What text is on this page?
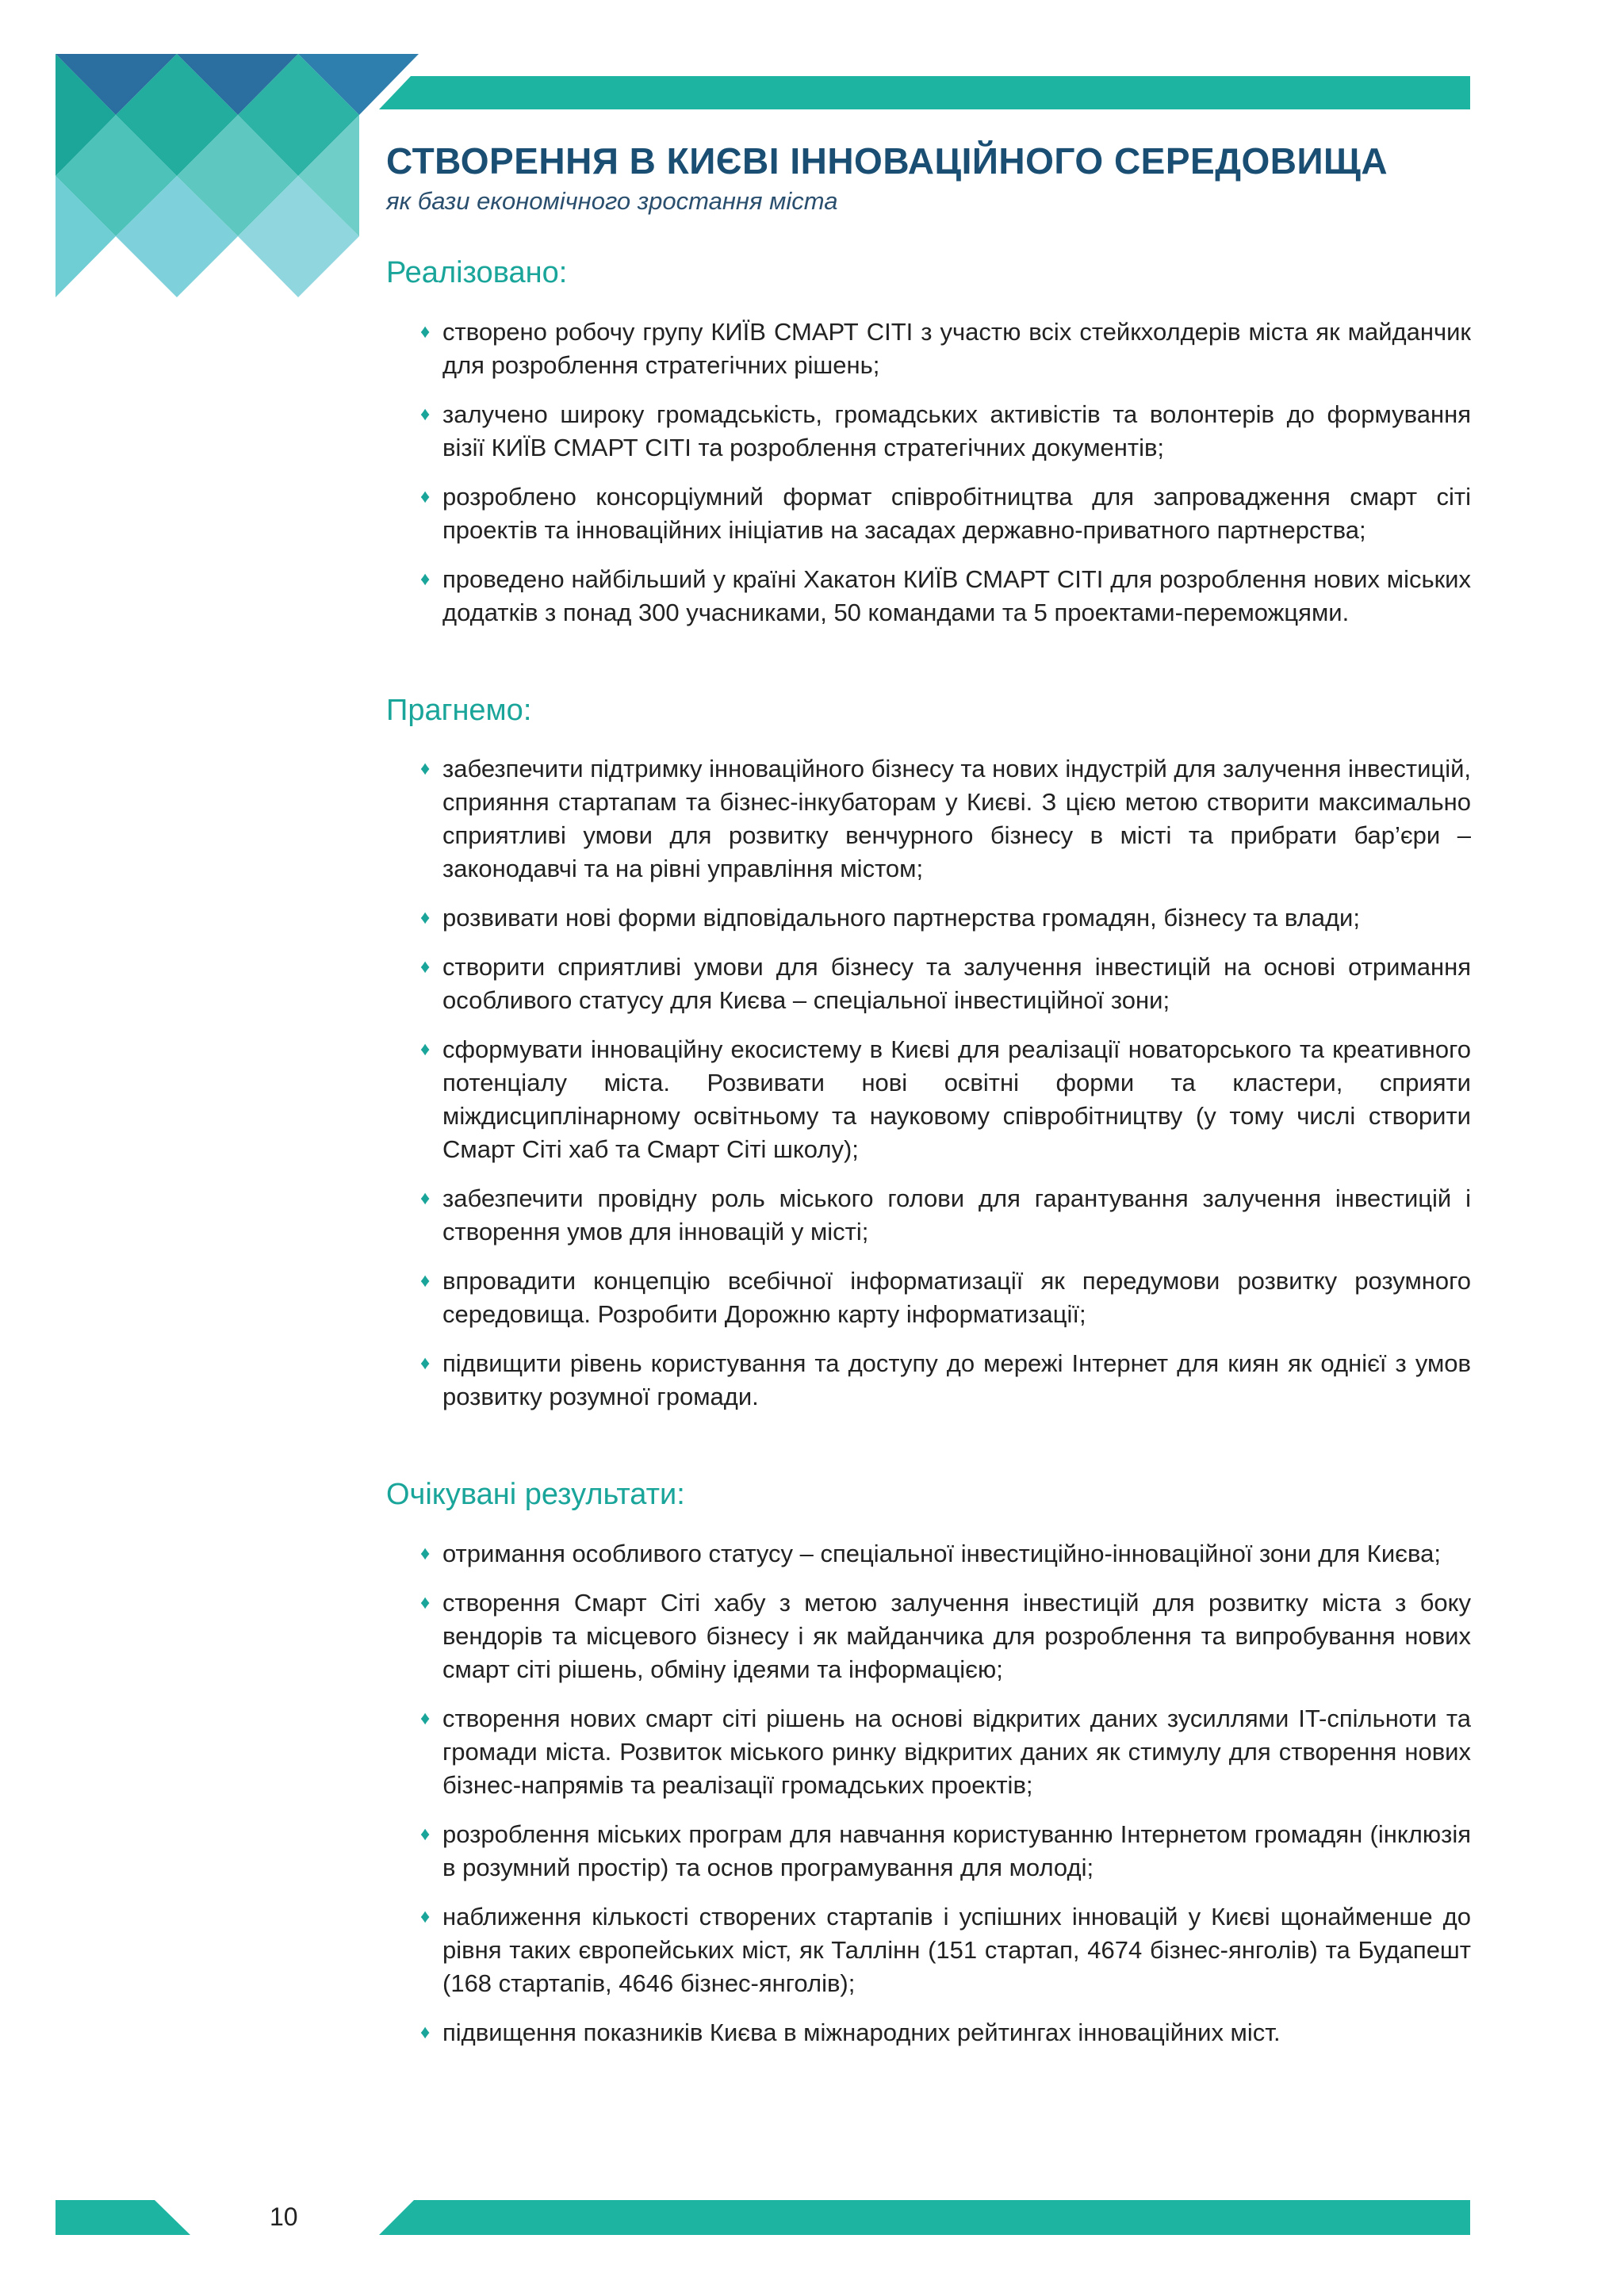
СТВОРЕННЯ В КИЄВІ ІННОВАЦІЙНОГО СЕРЕДОВИЩА

як бази економічного зростання міста

Реалізовано:
♦ створено робочу групу КИЇВ СМАРТ СІТІ з участю всіх стейкхолдерів міста як майданчик для розроблення стратегічних рішень;
♦ залучено широку громадськість, громадських активістів та волонтерів до формування візії КИЇВ СМАРТ СІТІ та розроблення стратегічних документів;
♦ розроблено консорціумний формат співробітництва для запровадження смарт сіті проектів та інноваційних ініціатив на засадах державно-приватного партнерства;
♦ проведено найбільший у країні Хакатон КИЇВ СМАРТ СІТІ для розроблення нових міських додатків з понад 300 учасниками, 50 командами та 5 проектами-переможцями.
Прагнемо:
♦ забезпечити підтримку інноваційного бізнесу та нових індустрій для залучення інвестицій, сприяння стартапам та бізнес-інкубаторам у Києві. З цією метою створити максимально сприятливі умови для розвитку венчурного бізнесу в місті та прибрати бар’єри – законодавчі та на рівні управління містом;
♦ розвивати нові форми відповідального партнерства громадян, бізнесу та влади;
♦ створити сприятливі умови для бізнесу та залучення інвестицій на основі отримання особливого статусу для Києва – спеціальної інвестиційної зони;
♦ сформувати інноваційну екосистему в Києві для реалізації новаторського та креативного потенціалу міста. Розвивати нові освітні форми та кластери, сприяти міждисциплінарному освітньому та науковому співробітництву (у тому числі створити Смарт Сіті хаб та Смарт Сіті школу);
♦ забезпечити провідну роль міського голови для гарантування залучення інвестицій і створення умов для інновацій у місті;
♦ впровадити концепцію всебічної інформатизації як передумови розвитку розумного середовища. Розробити Дорожню карту інформатизації;
♦ підвищити рівень користування та доступу до мережі Інтернет для киян як однієї з умов розвитку розумної громади.
Очікувані результати:
♦ отримання особливого статусу – спеціальної інвестиційно-інноваційної зони для Києва;
♦ створення Смарт Сіті хабу з метою залучення інвестицій для розвитку міста з боку вендорів та місцевого бізнесу і як майданчика для розроблення та випробування нових смарт сіті рішень, обміну ідеями та інформацією;
♦ створення нових смарт сіті рішень на основі відкритих даних зусиллями IT-спільноти та громади міста. Розвиток міського ринку відкритих даних як стимулу для створення нових бізнес-напрямів та реалізації громадських проектів;
♦ розроблення міських програм для навчання користуванню Інтернетом громадян (інклюзія в розумний простір) та основ програмування для молоді;
♦ наближення кількості створених стартапів і успішних інновацій у Києві щонайменше до рівня таких європейських міст, як Таллінн (151 стартап, 4674 бізнес-янголів) та Будапешт (168 стартапів, 4646 бізнес-янголів);
♦ підвищення показників Києва в міжнародних рейтингах інноваційних міст.
10
